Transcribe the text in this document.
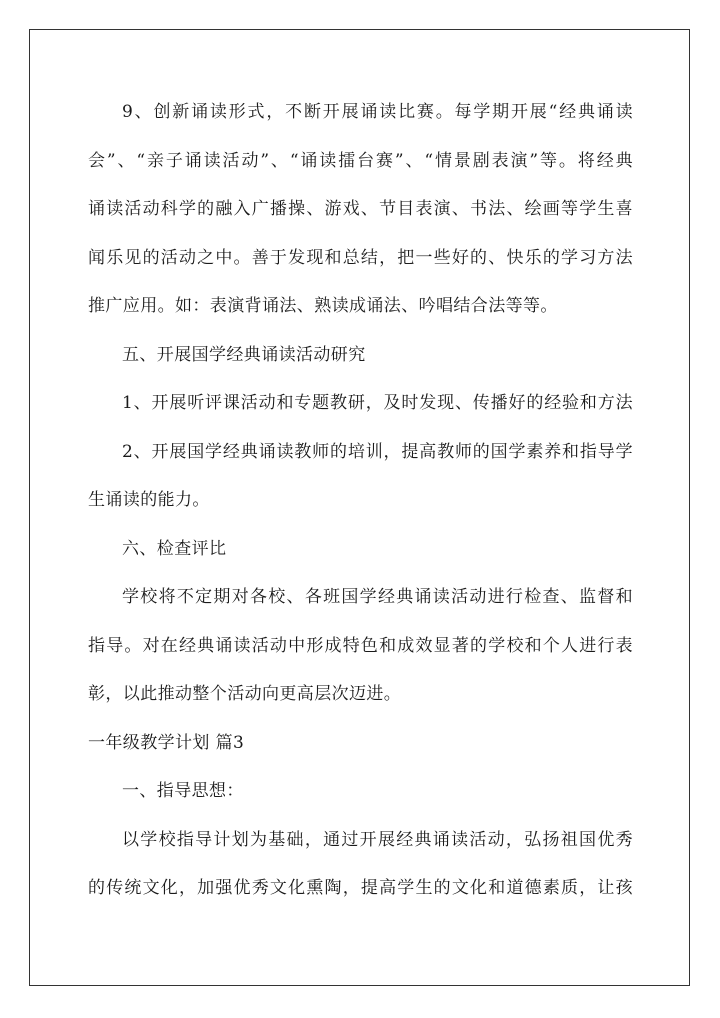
9、创新诵读形式，不断开展诵读比赛。每学期开展“经典诵读
会”、“亲子诵读活动”、“诵读擂台赛”、“情景剧表演”等。将经典
诵读活动科学的融入广播操、游戏、节目表演、书法、绘画等学生喜
闻乐见的活动之中。善于发现和总结，把一些好的、快乐的学习方法
推广应用。如：表演背诵法、熟读成诵法、吟唱结合法等等。
五、开展国学经典诵读活动研究
1、开展听评课活动和专题教研，及时发现、传播好的经验和方法
2、开展国学经典诵读教师的培训，提高教师的国学素养和指导学
生诵读的能力。
六、检查评比
学校将不定期对各校、各班国学经典诵读活动进行检查、监督和
指导。对在经典诵读活动中形成特色和成效显著的学校和个人进行表
彰，以此推动整个活动向更高层次迈进。
一年级教学计划 篇3
一、指导思想：
以学校指导计划为基础，通过开展经典诵读活动，弘扬祖国优秀
的传统文化，加强优秀文化熏陶，提高学生的文化和道德素质，让孩
